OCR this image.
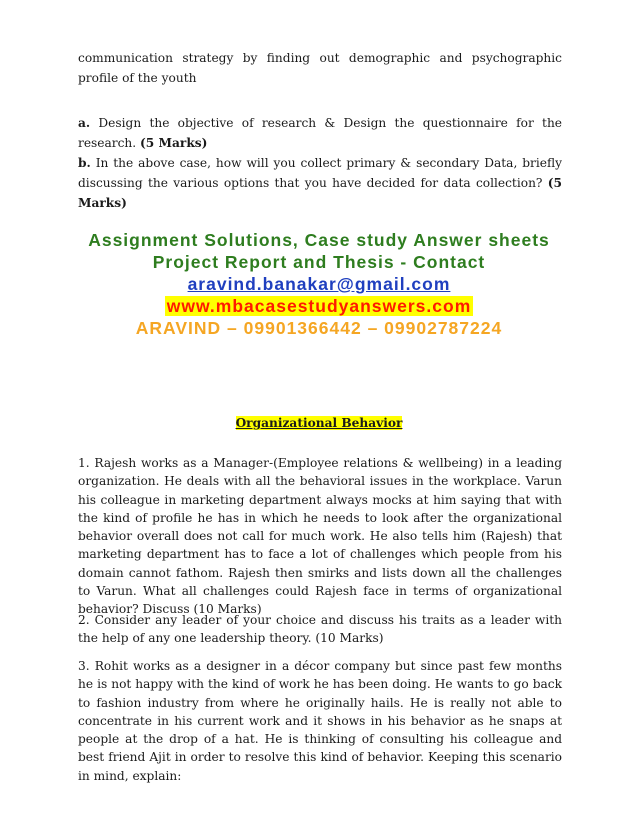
communication strategy by finding out demographic and psychographic profile of the youth

a. Design the objective of research & Design the questionnaire for the research. (5 Marks)

b. In the above case, how will you collect primary & secondary Data, briefly discussing the various options that you have decided for data collection? (5 Marks)

Assignment Solutions, Case study Answer sheets
Project Report and Thesis - Contact
aravind.banakar@gmail.com
www.mbacasestudyanswers.com
ARAVIND – 09901366442 – 09902787224
Organizational Behavior

1. Rajesh works as a Manager-(Employee relations & wellbeing) in a leading organization. He deals with all the behavioral issues in the workplace. Varun his colleague in marketing department always mocks at him saying that with the kind of profile he has in which he needs to look after the organizational behavior overall does not call for much work. He also tells him (Rajesh) that marketing department has to face a lot of challenges which people from his domain cannot fathom. Rajesh then smirks and lists down all the challenges to Varun. What all challenges could Rajesh face in terms of organizational behavior? Discuss (10 Marks)

2. Consider any leader of your choice and discuss his traits as a leader with the help of any one leadership theory. (10 Marks)

3. Rohit works as a designer in a décor company but since past few months he is not happy with the kind of work he has been doing. He wants to go back to fashion industry from where he originally hails. He is really not able to concentrate in his current work and it shows in his behavior as he snaps at people at the drop of a hat. He is thinking of consulting his colleague and best friend Ajit in order to resolve this kind of behavior. Keeping this scenario in mind, explain:
